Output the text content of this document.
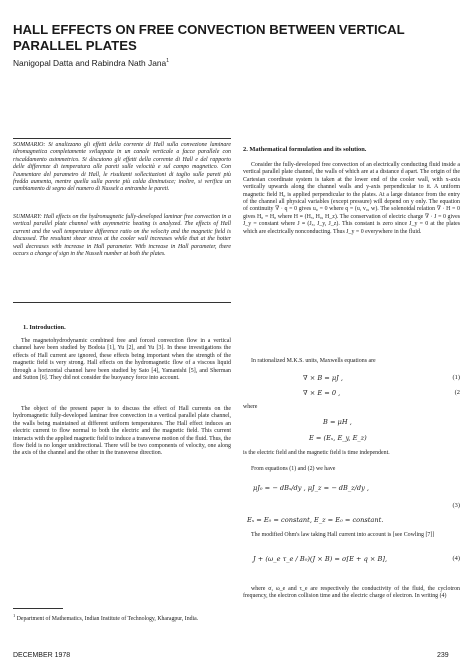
HALL EFFECTS ON FREE CONVECTION BETWEEN VERTICAL PARALLEL PLATES

Nanigopal Datta and Rabindra Nath Jana$^1$

SOMMARIO: Si analizzano gli effetti della corrente di Hall sulla convezione laminare idromagnetica completamente sviluppata in un canale verticale a facce parallele con riscaldamento asimmetrico. Si discutono gli effetti della corrente di Hall e del rapporto delle differenze di temperatura alle pareti sulle velocità e sul campo magnetico. Con l'aumentare del parametro di Hall, le risultanti sollecitazioni di taglio sulle pareti più fredda aumenta, mentre quella sulla parete più calda diminuisce; inoltre, si verifica un cambiamento di segno del numero di Nusselt a entrambe le pareti.

SUMMARY: Hall effects on the hydromagnetic fully-developed laminar free convection in a vertical parallel plate channel with asymmetric heating is analyzed. The effects of Hall current and the wall temperature difference ratio on the velocity and the magnetic field is discussed. The resultant shear stress at the cooler wall increases while that at the hotter wall decreases with increase in Hall parameter. With increase in Hall parameter, there occurs a change of sign in the Nusselt number at both the plates.

1. Introduction.

The magnetohydrodynamic combined free and forced convection flow in a vertical channel have been studied by Bodoia [1], Yu [2], and Yu [3]. In these investigations the effects of Hall current are ignored, these effects being important when the strength of the magnetic field is very strong. Hall effects on the hydromagnetic flow of a viscous liquid through a horizontal channel have been studied by Sato [4], Yamanishi [5], and Sherman and Sutton [6]. They did not consider the buoyancy force into account.

The object of the present paper is to discuss the effect of Hall currents on the hydromagnetic fully-developed laminar free convection in a vertical parallel plate channel, the walls being maintained at different uniform temperatures. The Hall effect induces an electric current to flow normal to both the electric and the magnetic field. This current interacts with the applied magnetic field to induce a transverse motion of the fluid. Thus, the flow field is no longer unidirectional. There will be two components of velocity, one along the axis of the channel and the other in the transverse direction.

$^1$ Department of Mathematics, Indian Institute of Technology, Kharagpur, India.

2. Mathematical formulation and its solution.

Consider the fully-developed free convection of an electrically conducting fluid inside a vertical parallel plate channel, the walls of which are at a distance d apart. The origin of the Cartesian coordinate system is taken at the lower end of the cooler wall, with x-axis vertically upwards along the channel walls and y-axis perpendicular to it. A uniform magnetic field H₀ is applied perpendicular to the plates. At a large distance from the entry of the channel all physical variables (except pressure) will depend on y only. The equation of continuity ∇ · q = 0 gives u₀ = 0 where q = (u, v₀, w). The solenoidal relation ∇ · H = 0 gives H₀ = H₀ where H ≡ (Hₓ, H₀, H_z). The conservation of electric charge ∇ · J = 0 gives J_y = constant where J ≡ (Jₓ, J_y, J_z). This constant is zero since J_y = 0 at the plates which are electrically nonconducting. Thus J_y = 0 everywhere in the fluid.

In rationalized M.K.S. units, Maxwells equations are

∇ × B = μJ ,	(1)
∇ × E = 0 ,	(2

where

B = μH ,
E = (Eₓ, E_y, E_z)

is the electric field and the magnetic field is time independent.

From equations (1) and (2) we have

μJ₀ = − dBₓ/dy , μJ_z = − dB_z/dy ,
Eₓ = E₀ = constant, E_z = E₀ = constant.
(3)

The modified Ohm's law taking Hall current into account is [see Cowling [7]]

J + (ω_e τ_e / B₀)(J × B) = σ[E + q × B],	(4)

where σ, ω_e and τ_e are respectively the conductivity of the fluid, the cyclotron frequency, the electron collision time and the electric charge of electron. In writing (4)

DECEMBER 1978	239
